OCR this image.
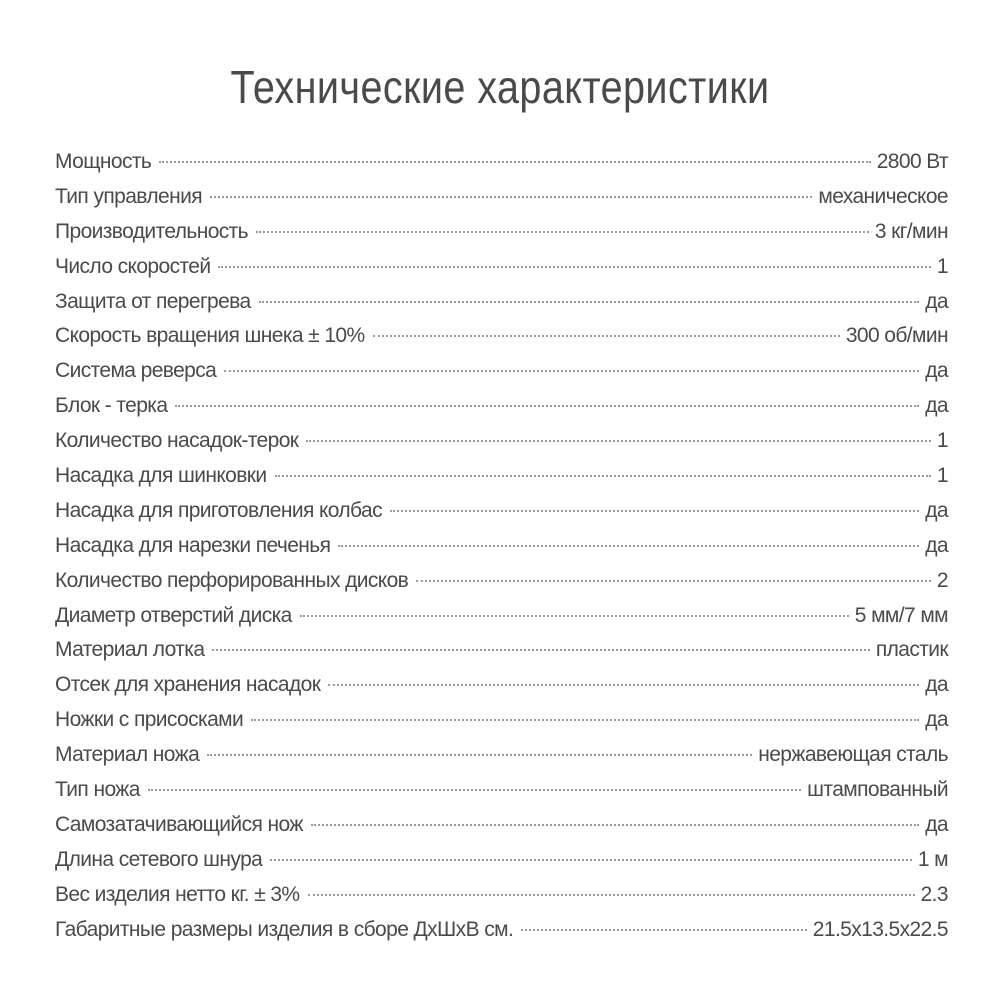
Технические характеристики
Мощность	2800 Вт
Тип управления	механическое
Производительность	3 кг/мин
Число скоростей	1
Защита от перегрева	да
Скорость вращения шнека ± 10%	300 об/мин
Система реверса	да
Блок - терка	да
Количество насадок-терок	1
Насадка для шинковки	1
Насадка для приготовления колбас	да
Насадка для нарезки печенья	да
Количество перфорированных дисков	2
Диаметр отверстий диска	5 мм/7 мм
Материал лотка	пластик
Отсек для хранения насадок	да
Ножки с присосками	да
Материал ножа	нержавеющая сталь
Тип ножа	штампованный
Самозатачивающийся нож	да
Длина сетевого шнура	1 м
Вес изделия нетто кг. ± 3%	2.3
Габаритные размеры изделия в сборе ДхШхВ см.	21.5х13.5х22.5
